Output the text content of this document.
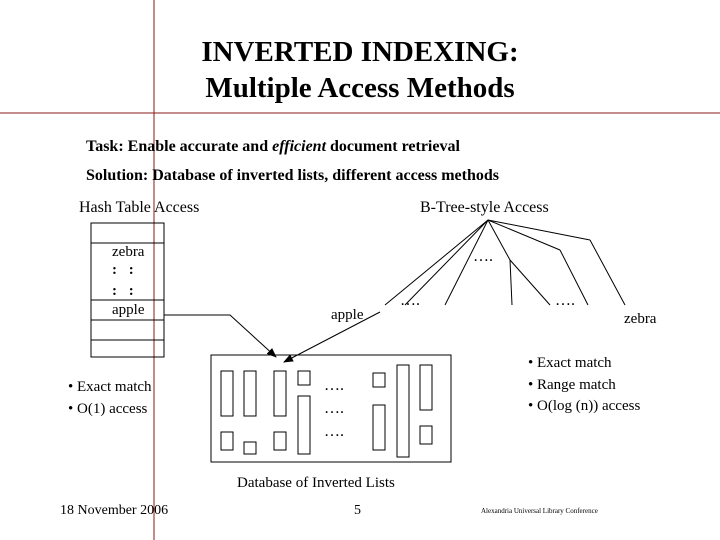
INVERTED INDEXING:
Multiple Access Methods
Task: Enable accurate and efficient document retrieval
Solution: Database of inverted lists, different access methods
Hash Table Access	B-Tree-style Access
zebra
: :
: :
apple
….
….	….
apple	zebra
• Exact match
• O(1) access
• Exact match
• Range match
• O(log (n)) access
….
….
….
Database of Inverted Lists
18 November 2006	5	Alexandria Universal Library Conference
